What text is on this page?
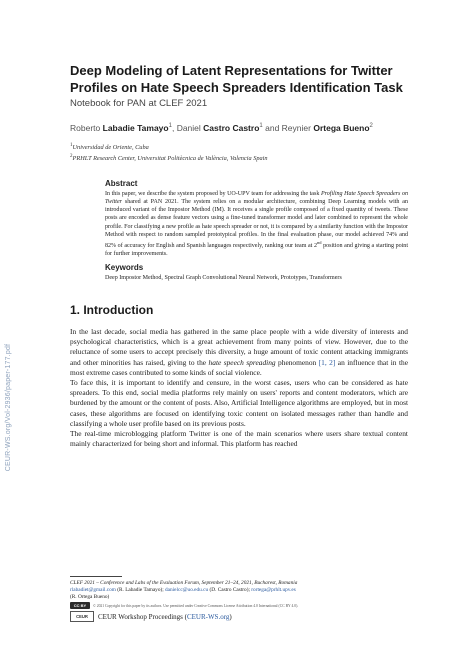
CEUR-WS.org/Vol-2936/paper-177.pdf
Deep Modeling of Latent Representations for Twitter Profiles on Hate Speech Spreaders Identification Task
Notebook for PAN at CLEF 2021
Roberto Labadie Tamayo$^1$, Daniel Castro Castro$^1$ and Reynier Ortega Bueno$^2$
$^1$Universidad de Oriente, Cuba
$^2$PRHLT Research Center, Universitat Politècnica de València, Valencia Spain
Abstract
In this paper, we describe the system proposed by UO-UPV team for addressing the task Profiling Hate Speech Spreaders on Twitter shared at PAN 2021. The system relies on a modular architecture, combining Deep Learning models with an introduced variant of the Impostor Method (IM). It receives a single profile composed of a fixed quantity of tweets. These posts are encoded as dense feature vectors using a fine-tuned transformer model and later combined to represent the whole profile. For classifying a new profile as hate speech spreader or not, it is compared by a similarity function with the Impostor Method with respect to random sampled prototypical profiles. In the final evaluation phase, our model achieved 74% and 82% of accuracy for English and Spanish languages respectively, ranking our team at 2nd position and giving a starting point for further improvements.
Keywords
Deep Impostor Method, Spectral Graph Convolutional Neural Network, Prototypes, Transformers
1. Introduction

In the last decade, social media has gathered in the same place people with a wide diversity of interests and psychological characteristics, which is a great achievement from many points of view. However, due to the reluctance of some users to accept precisely this diversity, a huge amount of toxic content attacking immigrants and other minorities has raised, giving to the hate speech spreading phenomenon [1, 2] an influence that in the most extreme cases contributed to some kinds of social violence.

To face this, it is important to identify and censure, in the worst cases, users who can be considered as hate spreaders. To this end, social media platforms rely mainly on users' reports and content moderators, which are burdened by the amount or the content of posts. Also, Artificial Intelligence algorithms are employed, but in most cases, these algorithms are focused on identifying toxic content on isolated messages rather than handle and classifying a whole user profile based on its previous posts.

The real-time microblogging platform Twitter is one of the main scenarios where users share textual content mainly characterized for being short and informal. This platform has reached

CLEF 2021 – Conference and Labs of the Evaluation Forum, September 21–24, 2021, Bucharest, Romania
rlabadiet@gmail.com (R. Labadie Tamayo); danielcc@uo.edu.cu (D. Castro Castro); rortega@prhlt.upv.es
(R. Ortega Bueno)
CC BY	© 2021 Copyright for this paper by its authors. Use permitted under Creative Commons License Attribution 4.0 International (CC BY 4.0).
CEUR	CEUR Workshop Proceedings (CEUR-WS.org)
